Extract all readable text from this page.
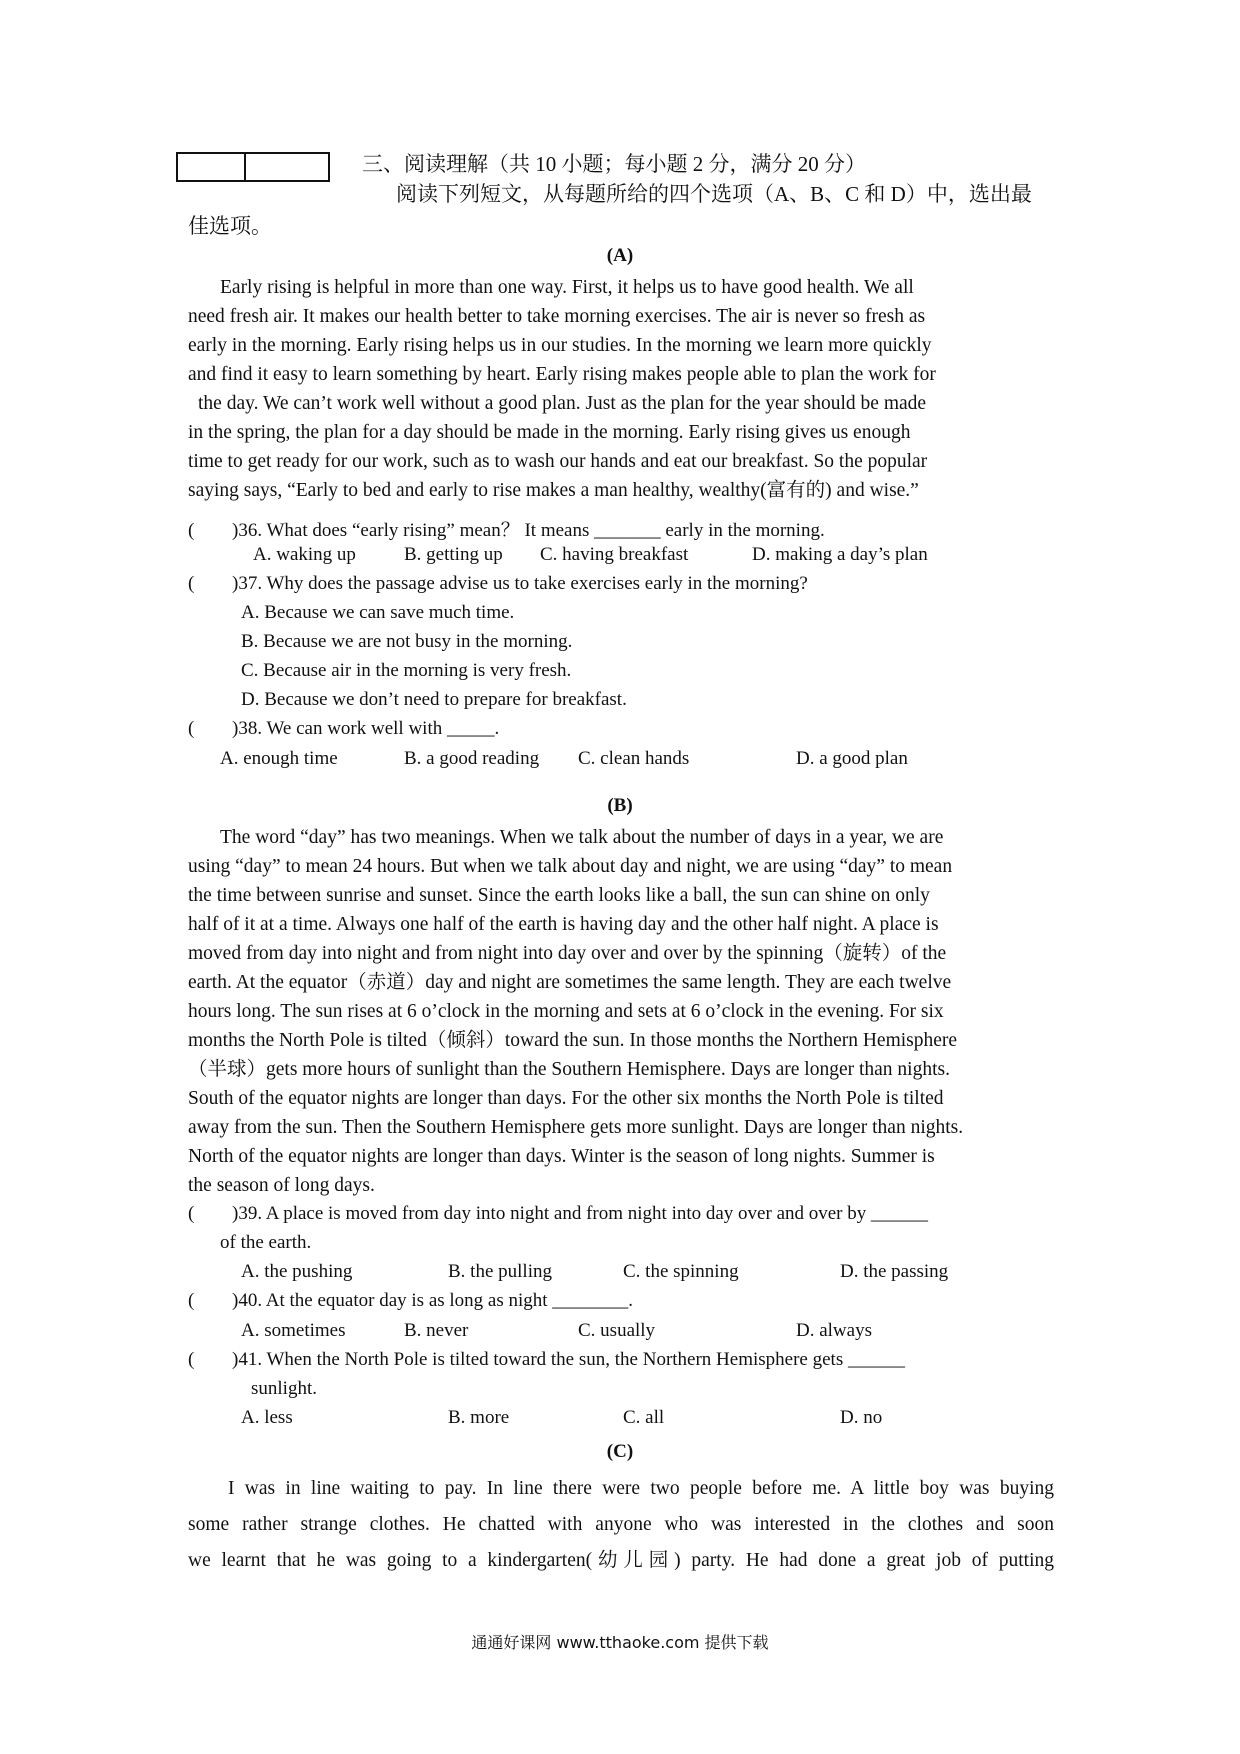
三、阅读理解（共 10 小题；每小题 2 分，满分 20 分）
阅读下列短文，从每题所给的四个选项（A、B、C 和 D）中，选出最
佳选项。
(A)
Early rising is helpful in more than one way. First, it helps us to have good health. We all
need fresh air. It makes our health better to take morning exercises. The air is never so fresh as
early in the morning. Early rising helps us in our studies. In the morning we learn more quickly
and find it easy to learn something by heart. Early rising makes people able to plan the work for
the day. We can’t work well without a good plan. Just as the plan for the year should be made
in the spring, the plan for a day should be made in the morning. Early rising gives us enough
time to get ready for our work, such as to wash our hands and eat our breakfast. So the popular
saying says, “Early to bed and early to rise makes a man healthy, wealthy(富有的) and wise.”
( )36. What does “early rising” mean？ It means _______ early in the morning.
A. waking up	B. getting up C. having breakfast	D. making a day’s plan
( )37. Why does the passage advise us to take exercises early in the morning?
A. Because we can save much time.
B. Because we are not busy in the morning.
C. Because air in the morning is very fresh.
D. Because we don’t need to prepare for breakfast.
( )38. We can work well with _____.
A. enough time	B. a good reading C. clean hands	D. a good plan
(B)
The word “day” has two meanings. When we talk about the number of days in a year, we are
using “day” to mean 24 hours. But when we talk about day and night, we are using “day” to mean
the time between sunrise and sunset. Since the earth looks like a ball, the sun can shine on only
half of it at a time. Always one half of the earth is having day and the other half night. A place is
moved from day into night and from night into day over and over by the spinning（旋转）of the
earth. At the equator（赤道）day and night are sometimes the same length. They are each twelve
hours long. The sun rises at 6 o’clock in the morning and sets at 6 o’clock in the evening. For six
months the North Pole is tilted（倾斜）toward the sun. In those months the Northern Hemisphere
（半球）gets more hours of sunlight than the Southern Hemisphere. Days are longer than nights.
South of the equator nights are longer than days. For the other six months the North Pole is tilted
away from the sun. Then the Southern Hemisphere gets more sunlight. Days are longer than nights.
North of the equator nights are longer than days. Winter is the season of long nights. Summer is
the season of long days.
( )39. A place is moved from day into night and from night into day over and over by ______
of the earth.
A. the pushing	B. the pulling	C. the spinning	D. the passing
( )40. At the equator day is as long as night ________.
A. sometimes	B. never	C. usually	D. always
( )41. When the North Pole is tilted toward the sun, the Northern Hemisphere gets ______
sunlight.
A. less	B. more	C. all	D. no
(C)
I was in line waiting to pay. In line there were two people before me. A little boy was buying
some rather strange clothes. He chatted with anyone who was interested in the clothes and soon
we learnt that he was going to a kindergarten(幼儿园) party. He had done a great job of putting
通通好课网 www.tthaoke.com 提供下载
